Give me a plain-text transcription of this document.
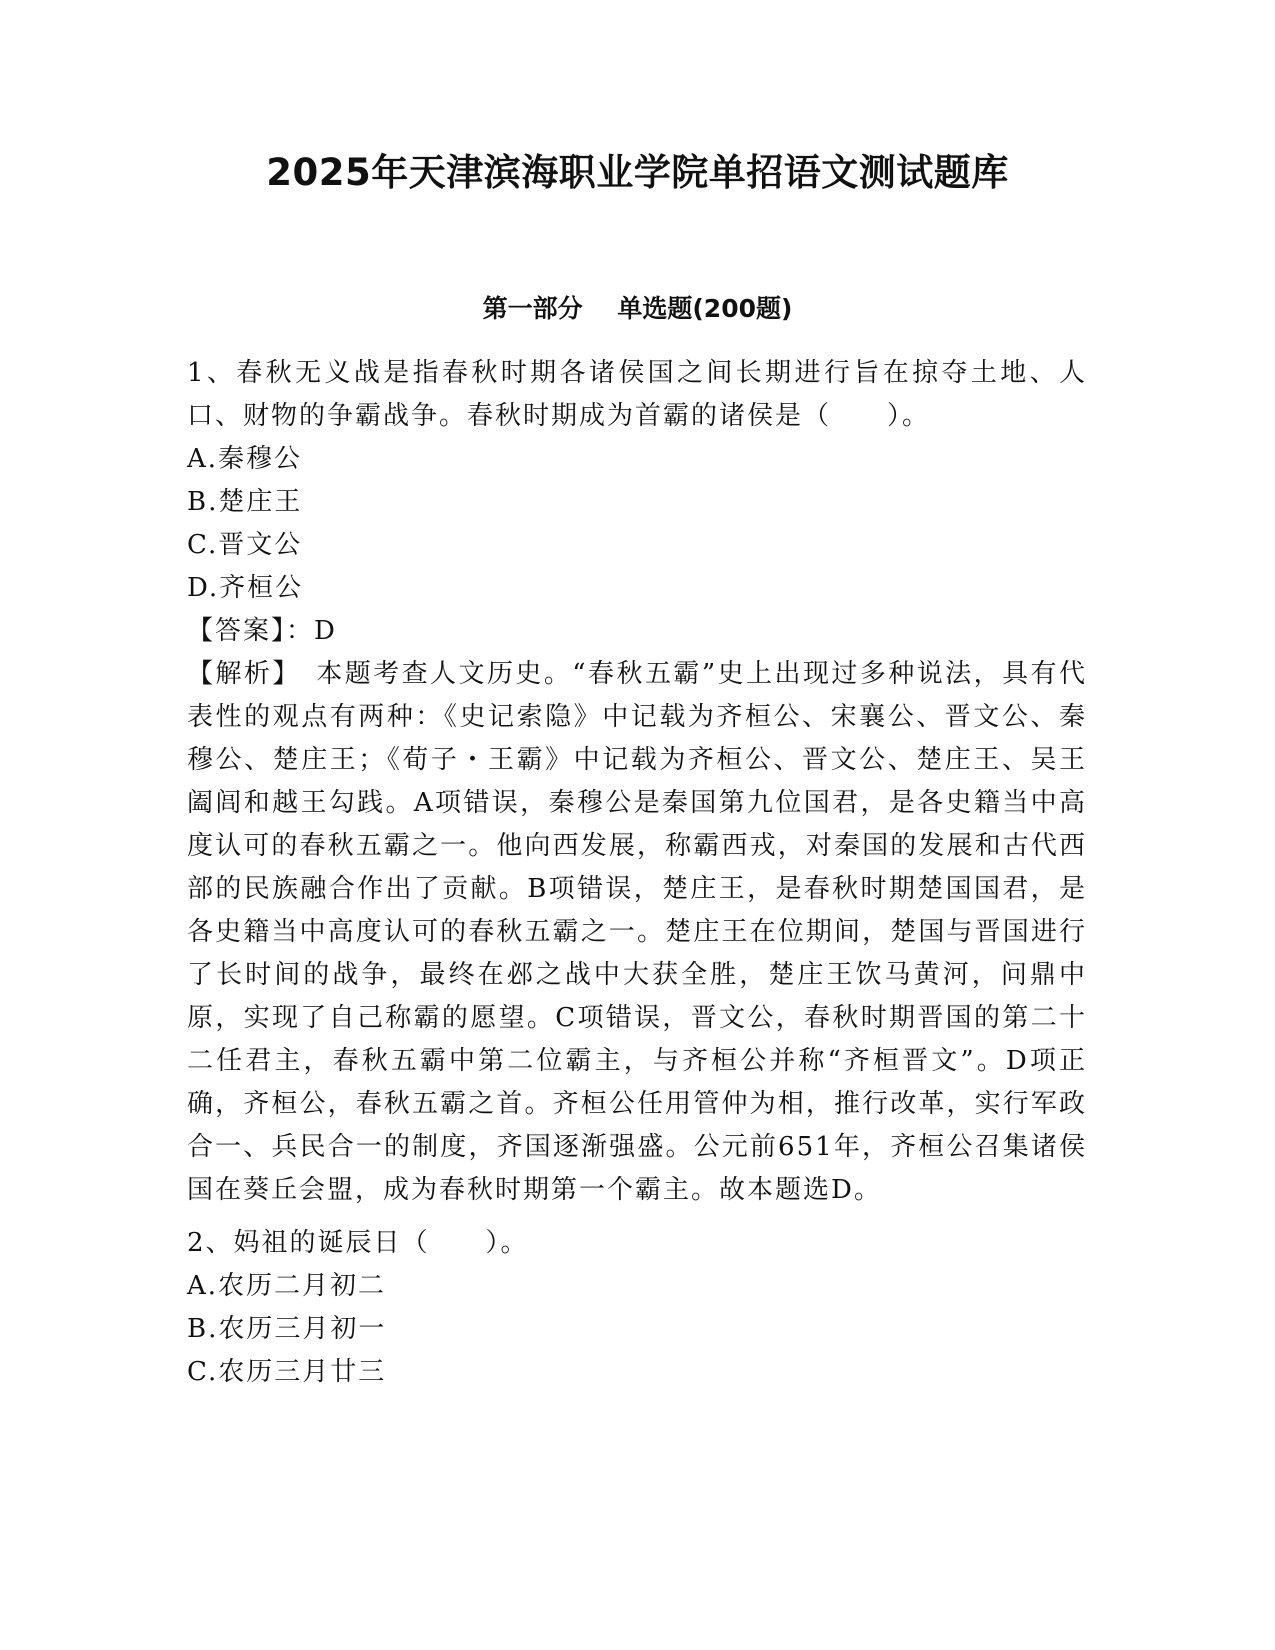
2025年天津滨海职业学院单招语文测试题库
第一部分    单选题(200题)

1、春秋无义战是指春秋时期各诸侯国之间长期进行旨在掠夺土地、人口、财物的争霸战争。春秋时期成为首霸的诸侯是（　　）。

A.秦穆公

B.楚庄王

C.晋文公

D.齐桓公

【答案】：D

【解析】　本题考查人文历史。“春秋五霸”史上出现过多种说法，具有代表性的观点有两种：《史记索隐》中记载为齐桓公、宋襄公、晋文公、秦穆公、楚庄王；《荀子・王霸》中记载为齐桓公、晋文公、楚庄王、吴王阖闾和越王勾践。A项错误，秦穆公是秦国第九位国君，是各史籍当中高度认可的春秋五霸之一。他向西发展，称霸西戎，对秦国的发展和古代西部的民族融合作出了贡献。B项错误，楚庄王，是春秋时期楚国国君，是各史籍当中高度认可的春秋五霸之一。楚庄王在位期间，楚国与晋国进行了长时间的战争，最终在邲之战中大获全胜，楚庄王饮马黄河，问鼎中原，实现了自己称霸的愿望。C项错误，晋文公，春秋时期晋国的第二十二任君主，春秋五霸中第二位霸主，与齐桓公并称“齐桓晋文”。D项正确，齐桓公，春秋五霸之首。齐桓公任用管仲为相，推行改革，实行军政合一、兵民合一的制度，齐国逐渐强盛。公元前651年，齐桓公召集诸侯国在葵丘会盟，成为春秋时期第一个霸主。故本题选D。

2、妈祖的诞辰日（　　）。

A.农历二月初二

B.农历三月初一

C.农历三月廿三
